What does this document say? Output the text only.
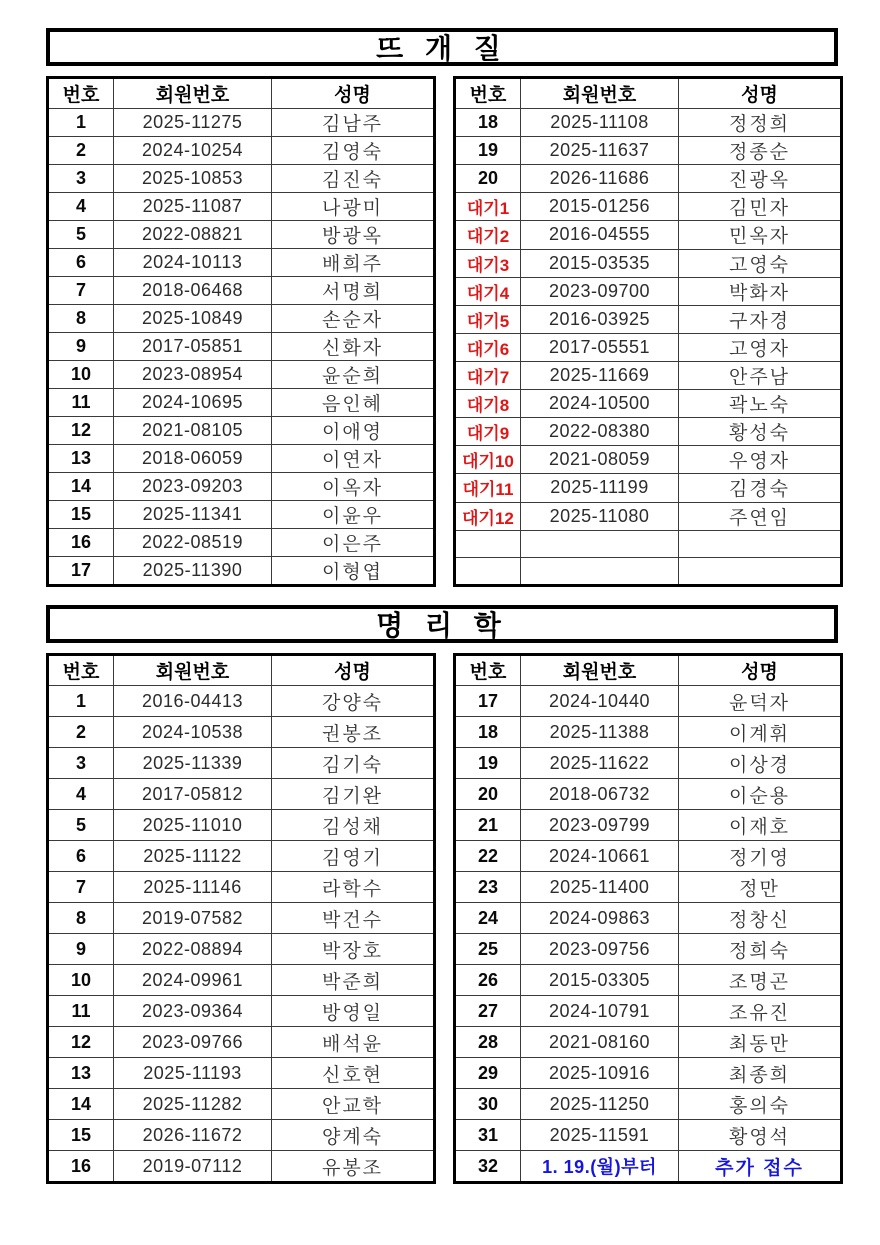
뜨 개 질
번호	회원번호	성명
1	2025-11275	김남주
2	2024-10254	김영숙
3	2025-10853	김진숙
4	2025-11087	나광미
5	2022-08821	방광옥
6	2024-10113	배희주
7	2018-06468	서명희
8	2025-10849	손순자
9	2017-05851	신화자
10	2023-08954	윤순희
11	2024-10695	음인혜
12	2021-08105	이애영
13	2018-06059	이연자
14	2023-09203	이옥자
15	2025-11341	이윤우
16	2022-08519	이은주
17	2025-11390	이형엽
번호	회원번호	성명
18	2025-11108	정정희
19	2025-11637	정종순
20	2026-11686	진광옥
대기1	2015-01256	김민자
대기2	2016-04555	민옥자
대기3	2015-03535	고영숙
대기4	2023-09700	박화자
대기5	2016-03925	구자경
대기6	2017-05551	고영자
대기7	2025-11669	안주남
대기8	2024-10500	곽노숙
대기9	2022-08380	황성숙
대기10	2021-08059	우영자
대기11	2025-11199	김경숙
대기12	2025-11080	주연임

명 리 학
번호	회원번호	성명
1	2016-04413	강양숙
2	2024-10538	권봉조
3	2025-11339	김기숙
4	2017-05812	김기완
5	2025-11010	김성채
6	2025-11122	김영기
7	2025-11146	라학수
8	2019-07582	박건수
9	2022-08894	박장호
10	2024-09961	박준희
11	2023-09364	방영일
12	2023-09766	배석윤
13	2025-11193	신호현
14	2025-11282	안교학
15	2026-11672	양계숙
16	2019-07112	유봉조
번호	회원번호	성명
17	2024-10440	윤덕자
18	2025-11388	이계휘
19	2025-11622	이상경
20	2018-06732	이순용
21	2023-09799	이재호
22	2024-10661	정기영
23	2025-11400	정만
24	2024-09863	정창신
25	2023-09756	정희숙
26	2015-03305	조명곤
27	2024-10791	조유진
28	2021-08160	최동만
29	2025-10916	최종희
30	2025-11250	홍의숙
31	2025-11591	황영석
32	1. 19.(월)부터	추가 접수
